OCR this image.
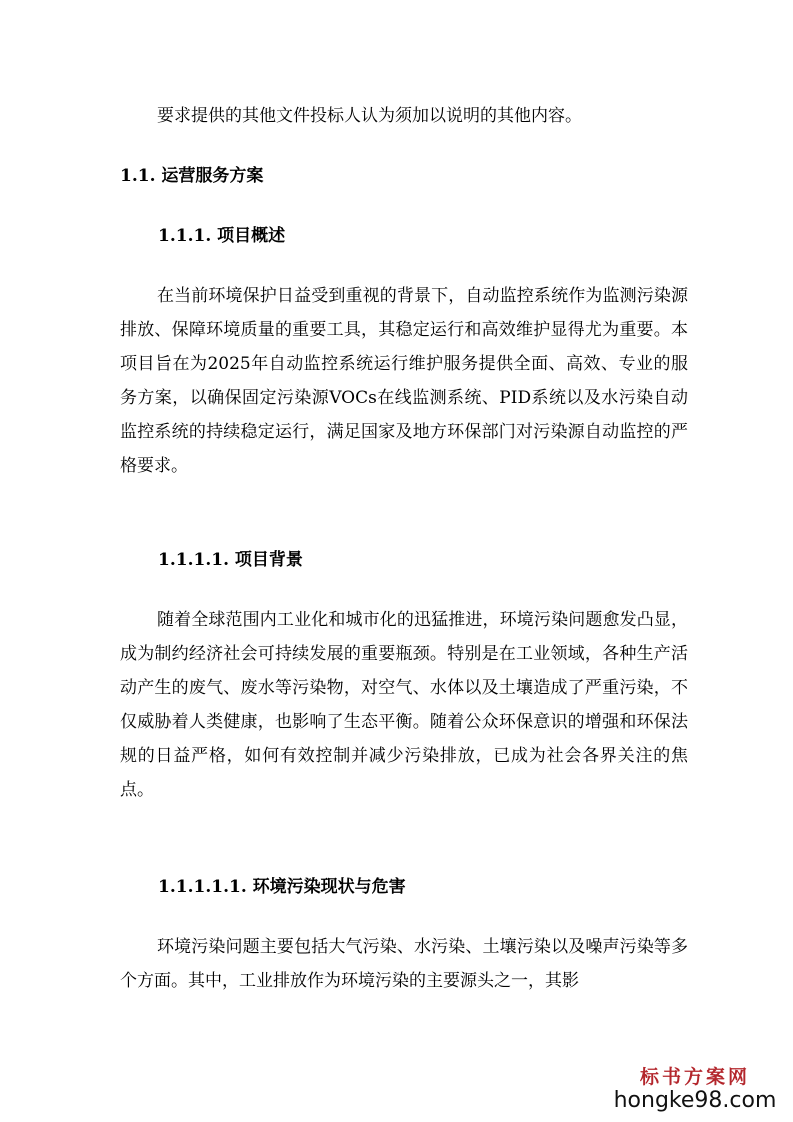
要求提供的其他文件投标人认为须加以说明的其他内容。

1.1. 运营服务方案

1.1.1. 项目概述

在当前环境保护日益受到重视的背景下，自动监控系统作为监测污染源排放、保障环境质量的重要工具，其稳定运行和高效维护显得尤为重要。本项目旨在为2025年自动监控系统运行维护服务提供全面、高效、专业的服务方案，以确保固定污染源VOCs在线监测系统、PID系统以及水污染自动监控系统的持续稳定运行，满足国家及地方环保部门对污染源自动监控的严格要求。

1.1.1.1. 项目背景

随着全球范围内工业化和城市化的迅猛推进，环境污染问题愈发凸显，成为制约经济社会可持续发展的重要瓶颈。特别是在工业领域，各种生产活动产生的废气、废水等污染物，对空气、水体以及土壤造成了严重污染，不仅威胁着人类健康，也影响了生态平衡。随着公众环保意识的增强和环保法规的日益严格，如何有效控制并减少污染排放，已成为社会各界关注的焦点。

1.1.1.1.1. 环境污染现状与危害

环境污染问题主要包括大气污染、水污染、土壤污染以及噪声污染等多个方面。其中，工业排放作为环境污染的主要源头之一，其影

标书方案网
hongke98.com
